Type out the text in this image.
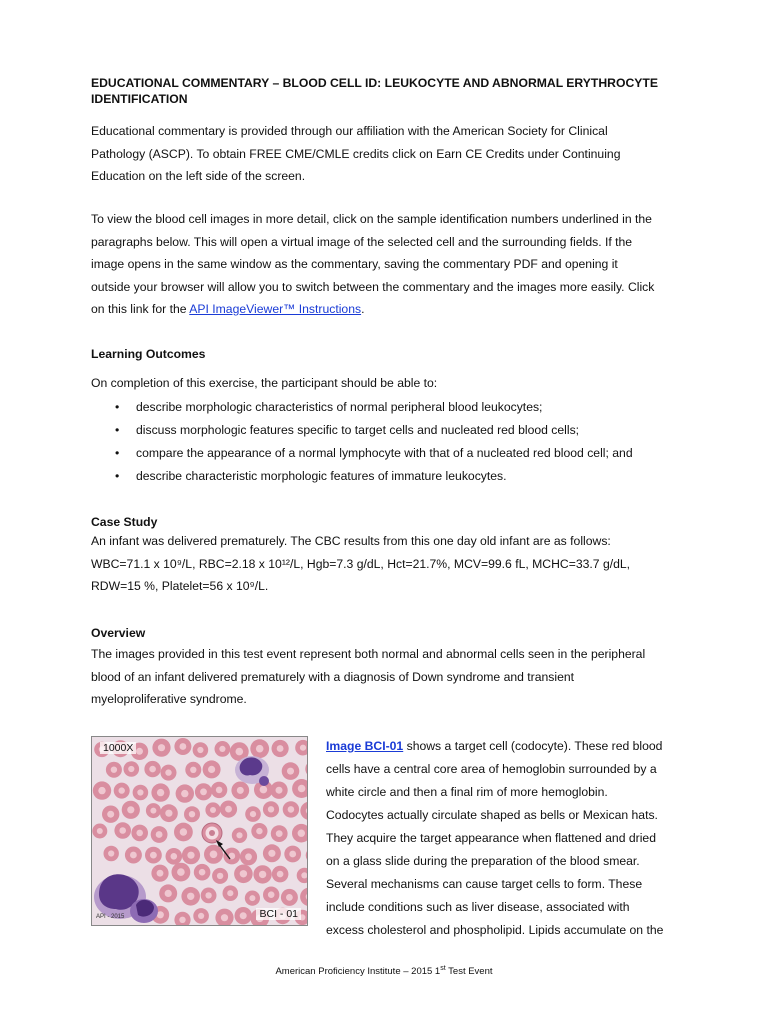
EDUCATIONAL COMMENTARY – BLOOD CELL ID: LEUKOCYTE AND ABNORMAL ERYTHROCYTE
IDENTIFICATION

Educational commentary is provided through our affiliation with the American Society for Clinical
Pathology (ASCP). To obtain FREE CME/CMLE credits click on Earn CE Credits under Continuing
Education on the left side of the screen.

To view the blood cell images in more detail, click on the sample identification numbers underlined in the
paragraphs below. This will open a virtual image of the selected cell and the surrounding fields. If the
image opens in the same window as the commentary, saving the commentary PDF and opening it
outside your browser will allow you to switch between the commentary and the images more easily. Click
on this link for the API ImageViewer™ Instructions.

Learning Outcomes

On completion of this exercise, the participant should be able to:

• describe morphologic characteristics of normal peripheral blood leukocytes;
• discuss morphologic features specific to target cells and nucleated red blood cells;
• compare the appearance of a normal lymphocyte with that of a nucleated red blood cell; and
• describe characteristic morphologic features of immature leukocytes.
Case Study

An infant was delivered prematurely. The CBC results from this one day old infant are as follows:
WBC=71.1 x 10⁹/L, RBC=2.18 x 10¹²/L, Hgb=7.3 g/dL, Hct=21.7%, MCV=99.6 fL, MCHC=33.7 g/dL,
RDW=15 %, Platelet=56 x 10⁹/L.

Overview

The images provided in this test event represent both normal and abnormal cells seen in the peripheral
blood of an infant delivered prematurely with a diagnosis of Down syndrome and transient
myeloproliferative syndrome.

1000X
API - 2015	BCI - 01

Image BCI-01 shows a target cell (codocyte). These red blood
cells have a central core area of hemoglobin surrounded by a
white circle and then a final rim of more hemoglobin.
Codocytes actually circulate shaped as bells or Mexican hats.
They acquire the target appearance when flattened and dried
on a glass slide during the preparation of the blood smear.
Several mechanisms can cause target cells to form. These
include conditions such as liver disease, associated with
excess cholesterol and phospholipid. Lipids accumulate on the

American Proficiency Institute – 2015 1st Test Event
